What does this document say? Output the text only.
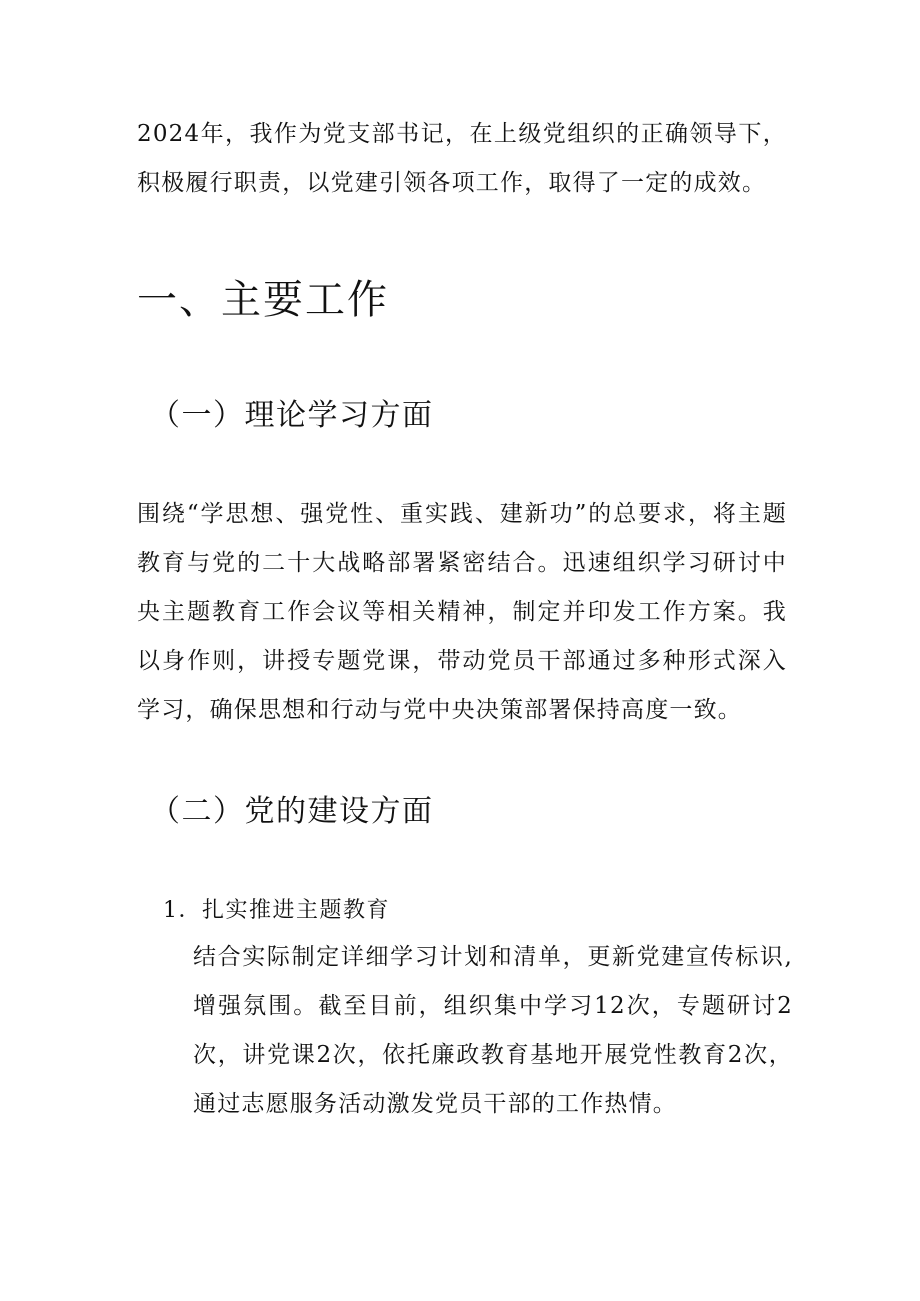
2024年，我作为党支部书记，在上级党组织的正确领导下，积极履行职责，以党建引领各项工作，取得了一定的成效。

一、主要工作
（一）理论学习方面

围绕“学思想、强党性、重实践、建新功”的总要求，将主题教育与党的二十大战略部署紧密结合。迅速组织学习研讨中央主题教育工作会议等相关精神，制定并印发工作方案。我以身作则，讲授专题党课，带动党员干部通过多种形式深入学习，确保思想和行动与党中央决策部署保持高度一致。

（二）党的建设方面

1．扎实推进主题教育

结合实际制定详细学习计划和清单，更新党建宣传标识,增强氛围。截至目前，组织集中学习12次，专题研讨2次，讲党课2次，依托廉政教育基地开展党性教育2次，通过志愿服务活动激发党员干部的工作热情。
